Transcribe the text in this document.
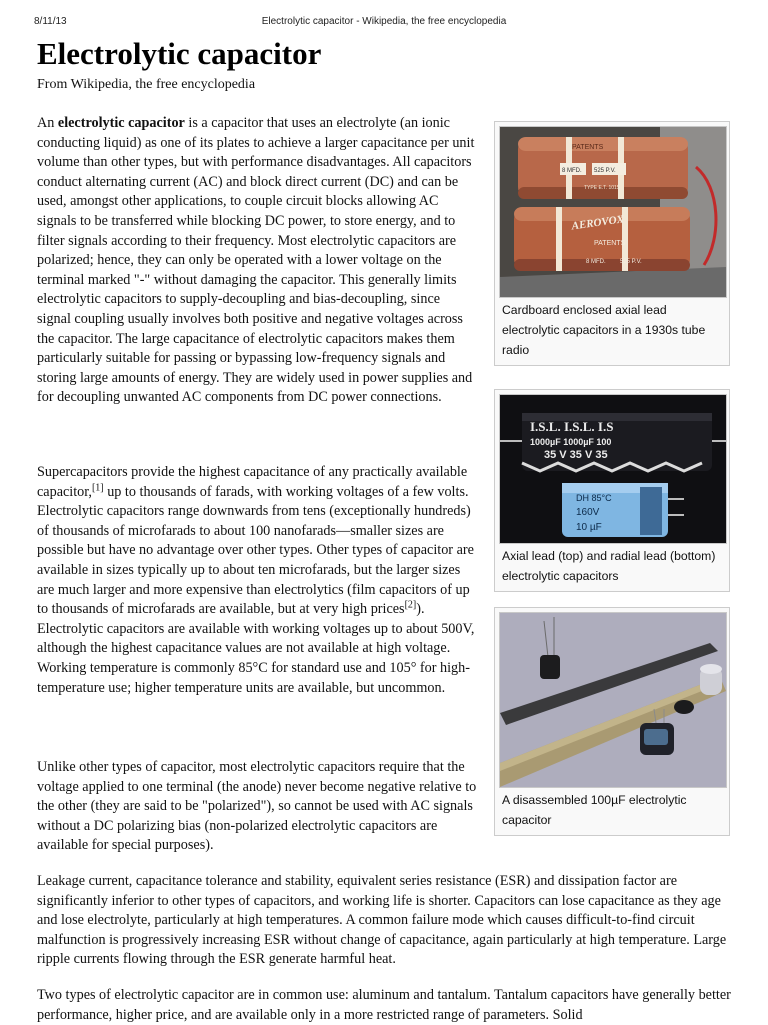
8/11/13	Electrolytic capacitor - Wikipedia, the free encyclopedia
Electrolytic capacitor
From Wikipedia, the free encyclopedia

An electrolytic capacitor is a capacitor that uses an electrolyte (an ionic conducting liquid) as one of its plates to achieve a larger capacitance per unit volume than other types, but with performance disadvantages. All capacitors conduct alternating current (AC) and block direct current (DC) and can be used, amongst other applications, to couple circuit blocks allowing AC signals to be transferred while blocking DC power, to store energy, and to filter signals according to their frequency. Most electrolytic capacitors are polarized; hence, they can only be operated with a lower voltage on the terminal marked "-" without damaging the capacitor. This generally limits electrolytic capacitors to supply-decoupling and bias-decoupling, since signal coupling usually involves both positive and negative voltages across the capacitor. The large capacitance of electrolytic capacitors makes them particularly suitable for passing or bypassing low-frequency signals and storing large amounts of energy. They are widely used in power supplies and for decoupling unwanted AC components from DC power connections.

Supercapacitors provide the highest capacitance of any practically available capacitor,[1] up to thousands of farads, with working voltages of a few volts. Electrolytic capacitors range downwards from tens (exceptionally hundreds) of thousands of microfarads to about 100 nanofarads—smaller sizes are possible but have no advantage over other types. Other types of capacitor are available in sizes typically up to about ten microfarads, but the larger sizes are much larger and more expensive than electrolytics (film capacitors of up to thousands of microfarads are available, but at very high prices[2]). Electrolytic capacitors are available with working voltages up to about 500V, although the highest capacitance values are not available at high voltage. Working temperature is commonly 85°C for standard use and 105° for high-temperature use; higher temperature units are available, but uncommon.

Unlike other types of capacitor, most electrolytic capacitors require that the voltage applied to one terminal (the anode) never become negative relative to the other (they are said to be "polarized"), so cannot be used with AC signals without a DC polarizing bias (non-polarized electrolytic capacitors are available for special purposes).

Leakage current, capacitance tolerance and stability, equivalent series resistance (ESR) and dissipation factor are significantly inferior to other types of capacitors, and working life is shorter. Capacitors can lose capacitance as they age and lose electrolyte, particularly at high temperatures. A common failure mode which causes difficult-to-find circuit malfunction is progressively increasing ESR without change of capacitance, again particularly at high temperature. Large ripple currents flowing through the ESR generate harmful heat.

Two types of electrolytic capacitor are in common use: aluminum and tantalum. Tantalum capacitors have generally better performance, higher price, and are available only in a more restricted range of parameters. Solid

PATENTS
8 MFD. 525 P.V.
TYPE E.T. 1015
AEROVOX
PATENTS
8 MFD. 525 P.V.
Cardboard enclosed axial lead electrolytic capacitors in a 1930s tube radio
I.S.L. I.S.L. I.S
1000µF 1000µF 100
35 V 35 V 35
DH 85°C
160V
10 µF
Axial lead (top) and radial lead (bottom) electrolytic capacitors
A disassembled 100µF electrolytic capacitor
